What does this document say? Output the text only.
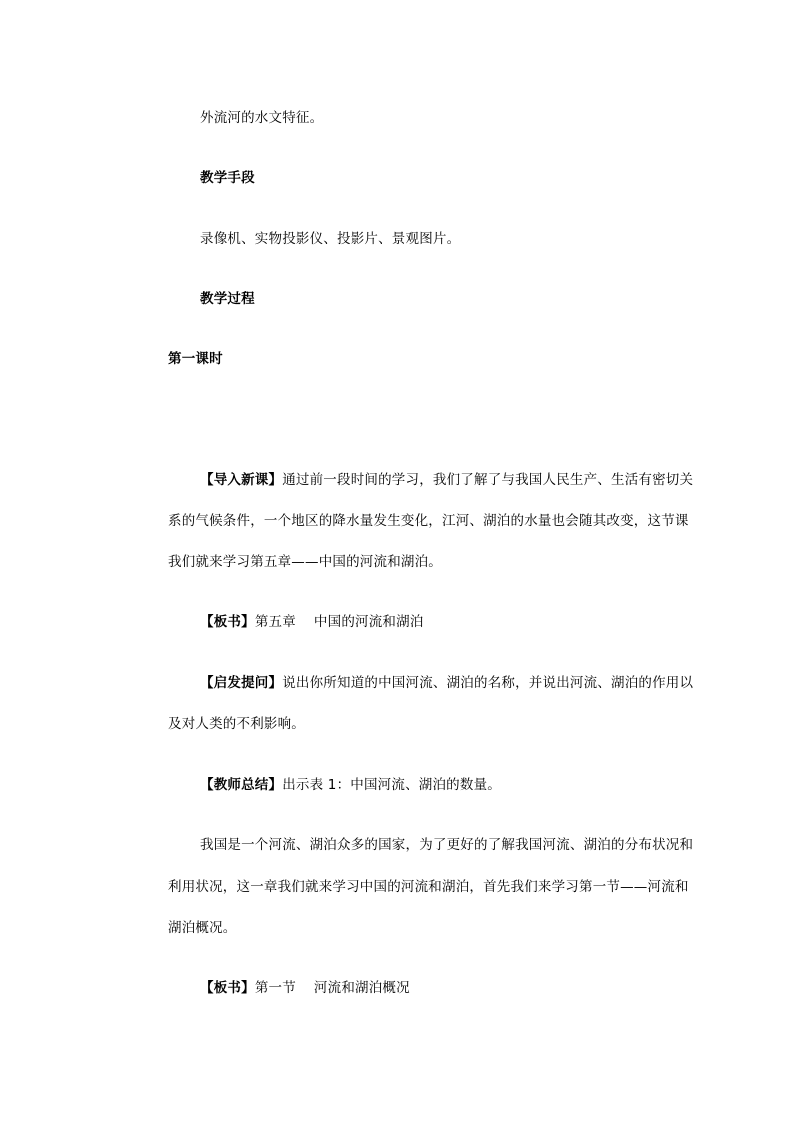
外流河的水文特征。
教学手段
录像机、实物投影仪、投影片、景观图片。
教学过程
第一课时
【导入新课】通过前一段时间的学习，我们了解了与我国人民生产、生活有密切关
系的气候条件，一个地区的降水量发生变化，江河、湖泊的水量也会随其改变，这节课
我们就来学习第五章——中国的河流和湖泊。
【板书】第五章 中国的河流和湖泊
【启发提问】说出你所知道的中国河流、湖泊的名称，并说出河流、湖泊的作用以
及对人类的不利影响。
【教师总结】出示表 1：中国河流、湖泊的数量。
我国是一个河流、湖泊众多的国家，为了更好的了解我国河流、湖泊的分布状况和
利用状况，这一章我们就来学习中国的河流和湖泊，首先我们来学习第一节——河流和
湖泊概况。
【板书】第一节 河流和湖泊概况
